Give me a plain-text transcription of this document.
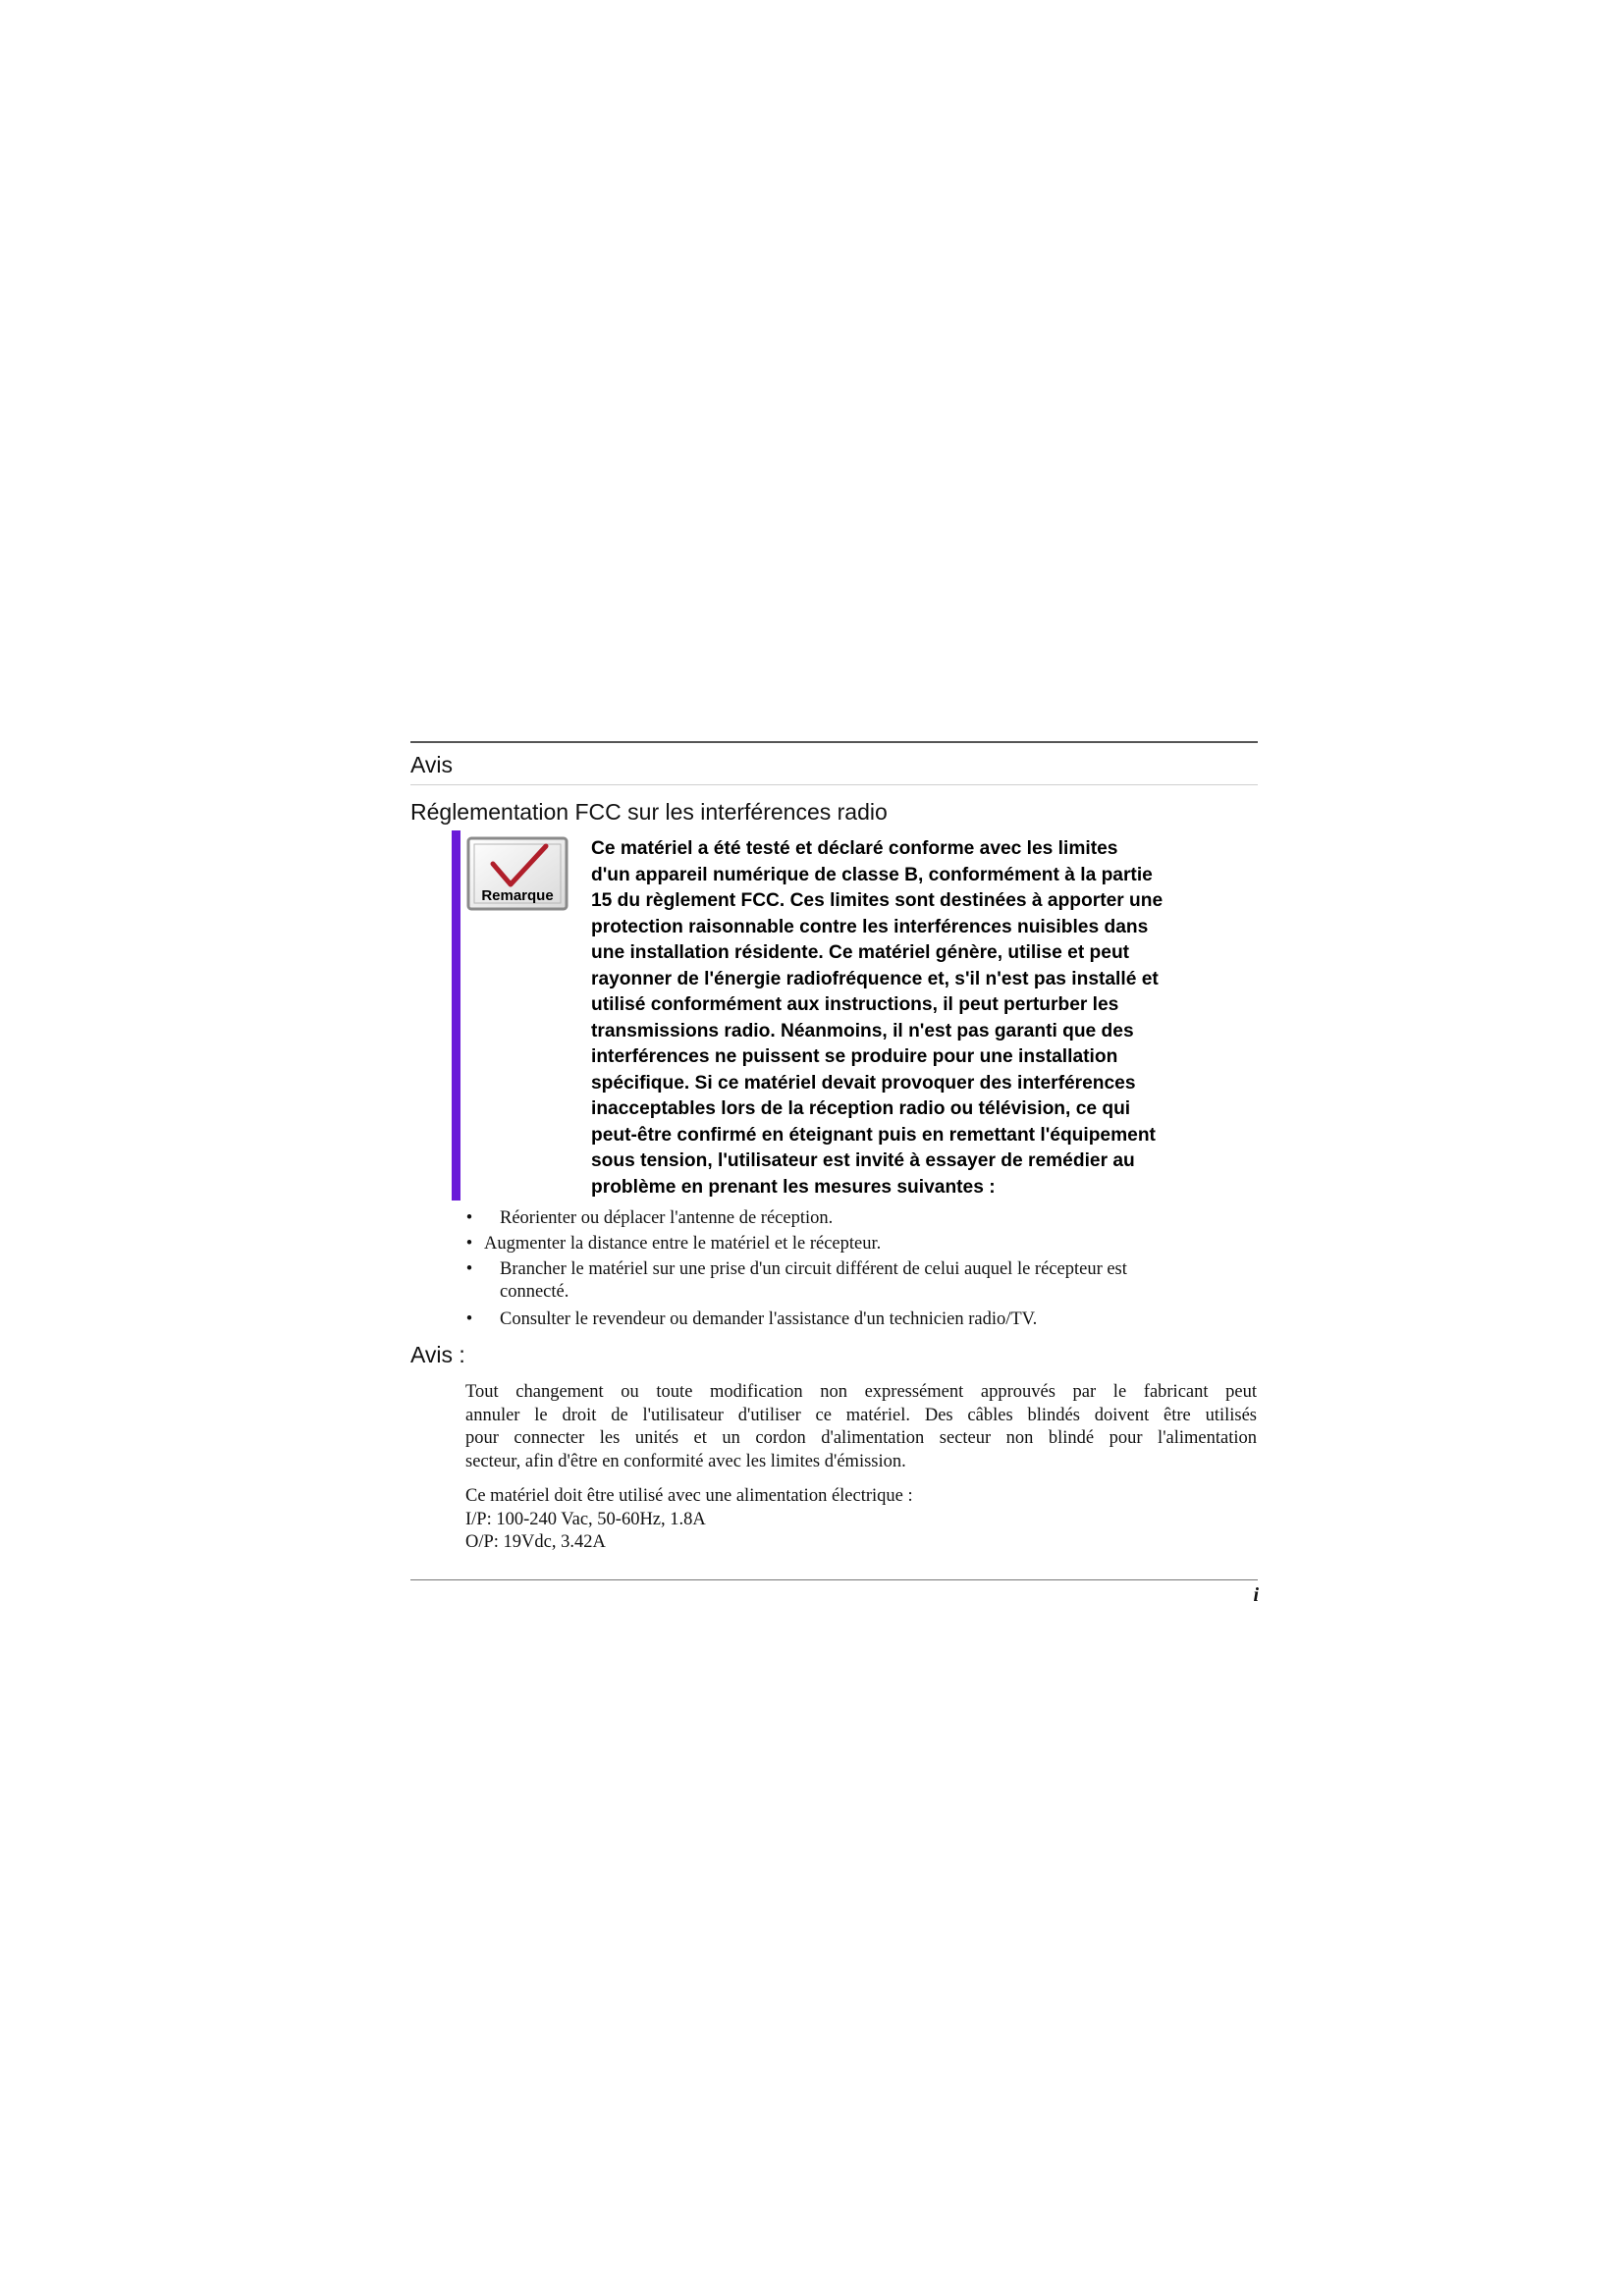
Avis
Réglementation FCC sur les interférences radio
Remarque
Ce matériel a été testé et déclaré conforme avec les limites
d'un appareil numérique de classe B, conformément à la partie
15 du règlement FCC. Ces limites sont destinées à apporter une
protection raisonnable contre les interférences nuisibles dans
une installation résidente. Ce matériel génère, utilise et peut
rayonner de l'énergie radiofréquence et, s'il n'est pas installé et
utilisé conformément aux instructions, il peut perturber les
transmissions radio. Néanmoins, il n'est pas garanti que des
interférences ne puissent se produire pour une installation
spécifique. Si ce matériel devait provoquer des interférences
inacceptables lors de la réception radio ou télévision, ce qui
peut-être confirmé en éteignant puis en remettant l'équipement
sous tension, l'utilisateur est invité à essayer de remédier au
problème en prenant les mesures suivantes :
• Réorienter ou déplacer l'antenne de réception.
• Augmenter la distance entre le matériel et le récepteur.
• Brancher le matériel sur une prise d'un circuit différent de celui auquel le récepteur est
connecté.
• Consulter le revendeur ou demander l'assistance d'un technicien radio/TV.
Avis :
Tout changement ou toute modification non expressément approuvés par le fabricant peut
annuler le droit de l'utilisateur d'utiliser ce matériel. Des câbles blindés doivent être utilisés
pour connecter les unités et un cordon d'alimentation secteur non blindé pour l'alimentation
secteur, afin d'être en conformité avec les limites d'émission.
Ce matériel doit être utilisé avec une alimentation électrique :
I/P: 100-240 Vac, 50-60Hz, 1.8A
O/P: 19Vdc, 3.42A
i
